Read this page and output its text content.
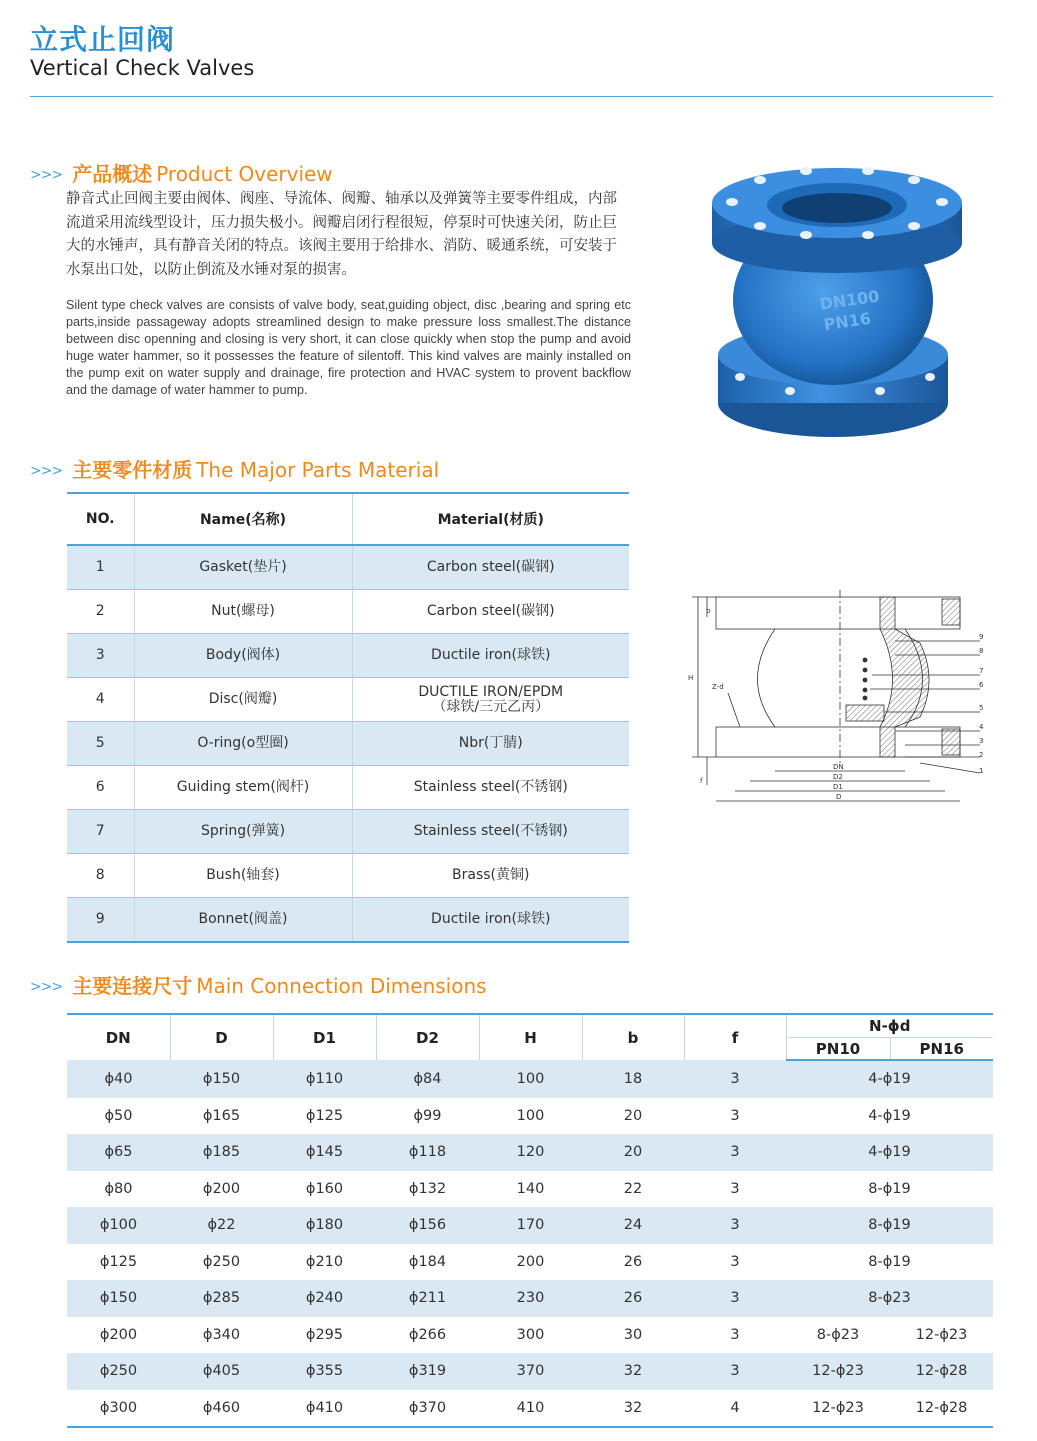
立式止回阀
Vertical Check Valves
>>> 产品概述 Product Overview
静音式止回阀主要由阀体、阀座、导流体、阀瓣、轴承以及弹簧等主要零件组成，内部流道采用流线型设计，压力损失极小。阀瓣启闭行程很短，停泵时可快速关闭，防止巨大的水锤声，具有静音关闭的特点。该阀主要用于给排水、消防、暖通系统，可安装于水泵出口处，以防止倒流及水锤对泵的损害。
Silent type check valves are consists of valve body, seat,guiding object, disc ,bearing and spring etc parts,inside passageway adopts streamlined design to make pressure loss smallest.The distance between disc openning and closing is very short, it can close quickly when stop the pump and avoid huge water hammer, so it possesses the feature of silentoff. This kind valves are mainly installed on the pump exit on water supply and drainage, fire protection and HVAC system to provent backflow and the damage of water hammer to pump.
DN100
PN16
>>> 主要零件材质 The Major Parts Material
NO.	Name(名称)	Material(材质)
1	Gasket(垫片)	Carbon steel(碳钢)

2	Nut(螺母)	Carbon steel(碳钢)

3	Body(阀体)	Ductile iron(球铁)

4	Disc(阀瓣)	DUCTILE IRON/EPDM
（球铁/三元乙丙）

5	O-ring(o型圈)	Nbr(丁腈)

6	Guiding stem(阀杆)	Stainless steel(不锈钢)

7	Spring(弹簧)	Stainless steel(不锈钢)

8	Bush(轴套)	Brass(黄铜)

9	Bonnet(阀盖)	Ductile iron(球铁)
b
H
Z-d
f
DN
D2
D1
D
9
8
7
6
5
4
3
2
1
>>> 主要连接尺寸 Main Connection Dimensions
DN	D	D1	D2	H	b	f	N-ϕd	
							PN10	PN16
ϕ40	ϕ150	ϕ110	ϕ84	100	18	3	4-ϕ19	
ϕ50	ϕ165	ϕ125	ϕ99	100	20	3	4-ϕ19	
ϕ65	ϕ185	ϕ145	ϕ118	120	20	3	4-ϕ19	
ϕ80	ϕ200	ϕ160	ϕ132	140	22	3	8-ϕ19	
ϕ100	ϕ22	ϕ180	ϕ156	170	24	3	8-ϕ19	
ϕ125	ϕ250	ϕ210	ϕ184	200	26	3	8-ϕ19	
ϕ150	ϕ285	ϕ240	ϕ211	230	26	3	8-ϕ23	
ϕ200	ϕ340	ϕ295	ϕ266	300	30	3	8-ϕ23	12-ϕ23
ϕ250	ϕ405	ϕ355	ϕ319	370	32	3	12-ϕ23	12-ϕ28
ϕ300	ϕ460	ϕ410	ϕ370	410	32	4	12-ϕ23	12-ϕ28
